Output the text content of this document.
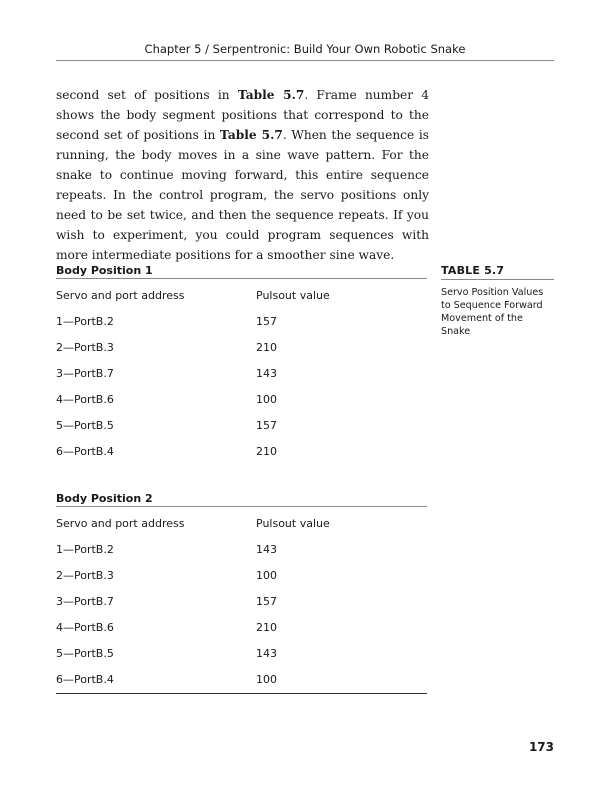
Chapter 5 / Serpentronic: Build Your Own Robotic Snake

second set of positions in Table 5.7. Frame number 4 shows the body segment positions that correspond to the second set of positions in Table 5.7. When the sequence is running, the body moves in a sine wave pattern. For the snake to continue moving forward, this entire sequence repeats. In the control program, the servo positions only need to be set twice, and then the sequence repeats. If you wish to experiment, you could program sequences with more intermediate positions for a smoother sine wave.

Body Position 1
Servo and port address	Pulsout value
1—PortB.2	157
2—PortB.3	210
3—PortB.7	143
4—PortB.6	100
5—PortB.5	157
6—PortB.4	210
Body Position 2
Servo and port address	Pulsout value
1—PortB.2	143
2—PortB.3	100
3—PortB.7	157
4—PortB.6	210
5—PortB.5	143
6—PortB.4	100
TABLE 5.7
Servo Position Values to Sequence Forward Movement of the Snake
173
